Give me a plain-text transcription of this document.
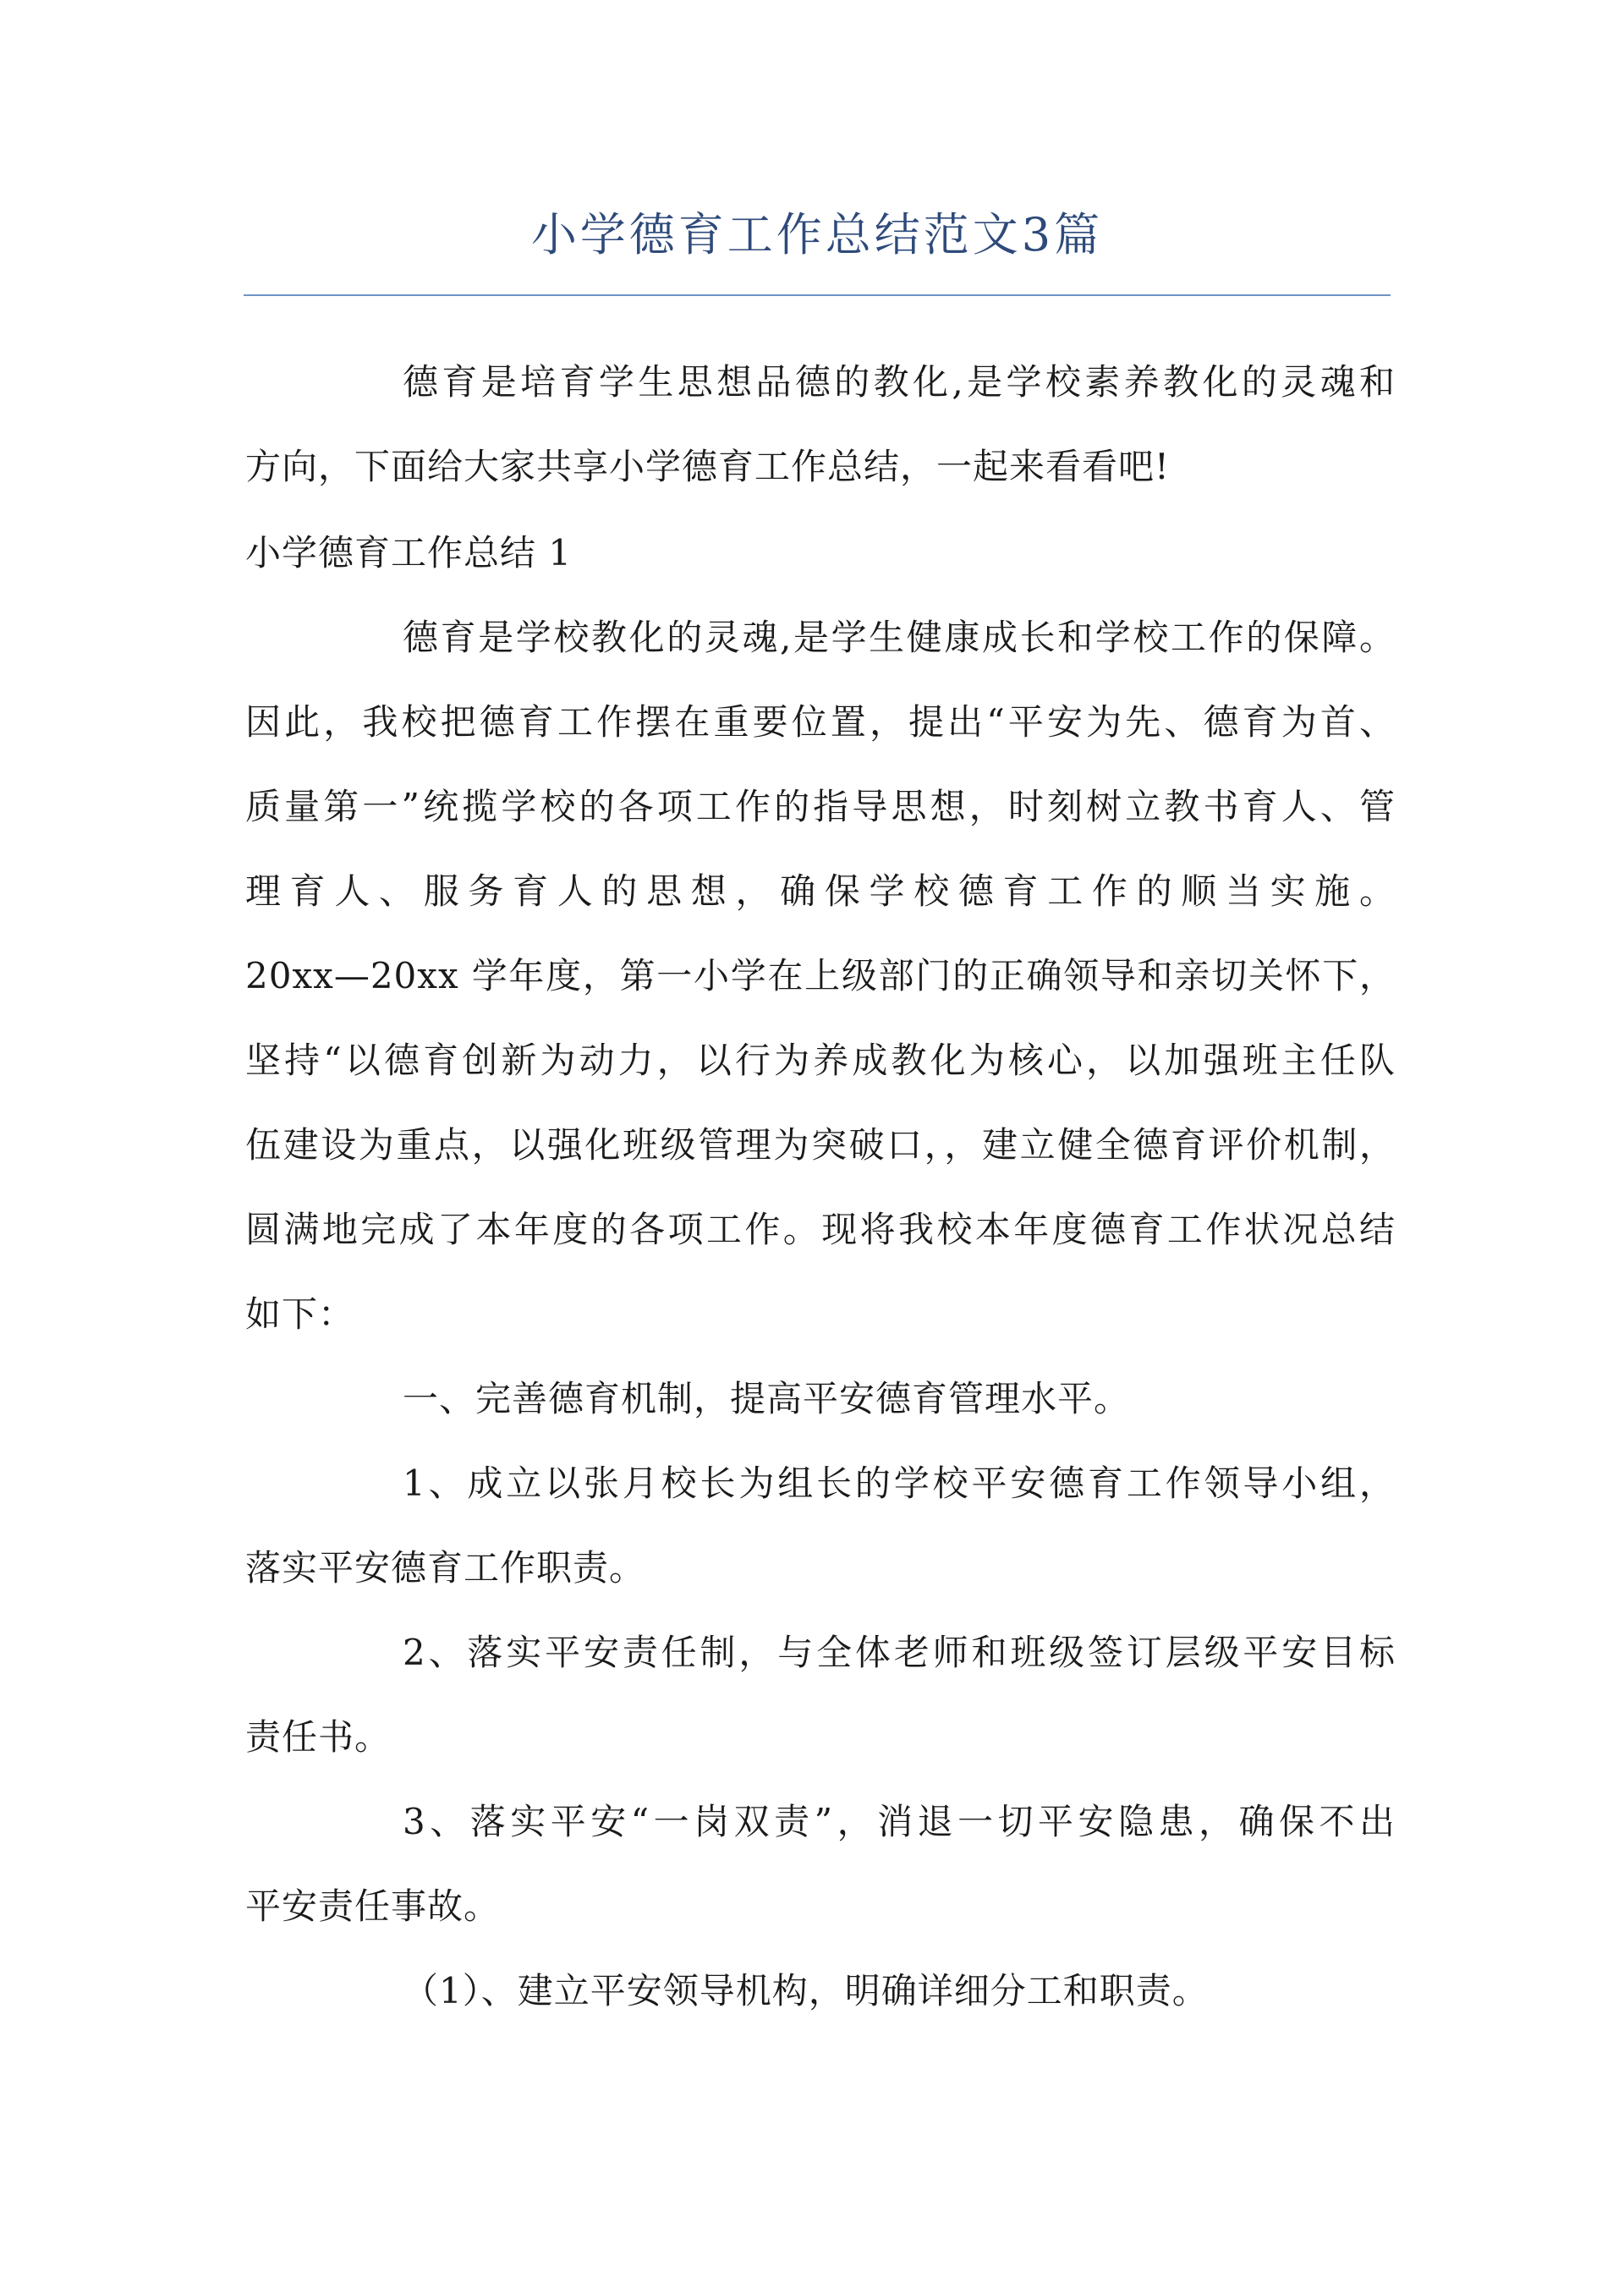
小学德育工作总结范文3篇
德育是培育学生思想品德的教化,是学校素养教化的灵魂和
方向，下面给大家共享小学德育工作总结，一起来看看吧!
小学德育工作总结 1
德育是学校教化的灵魂,是学生健康成长和学校工作的保障。
因此，我校把德育工作摆在重要位置，提出“平安为先、德育为首、
质量第一”统揽学校的各项工作的指导思想，时刻树立教书育人、管
理育人、服务育人的思想，确保学校德育工作的顺当实施。
20xx—20xx 学年度，第一小学在上级部门的正确领导和亲切关怀下，
坚持“以德育创新为动力，以行为养成教化为核心，以加强班主任队
伍建设为重点，以强化班级管理为突破口，，建立健全德育评价机制，
圆满地完成了本年度的各项工作。现将我校本年度德育工作状况总结
如下：
一、完善德育机制，提高平安德育管理水平。
1、成立以张月校长为组长的学校平安德育工作领导小组，
落实平安德育工作职责。
2、落实平安责任制，与全体老师和班级签订层级平安目标
责任书。
3、落实平安“一岗双责”，消退一切平安隐患，确保不出
平安责任事故。
（1）、建立平安领导机构，明确详细分工和职责。
